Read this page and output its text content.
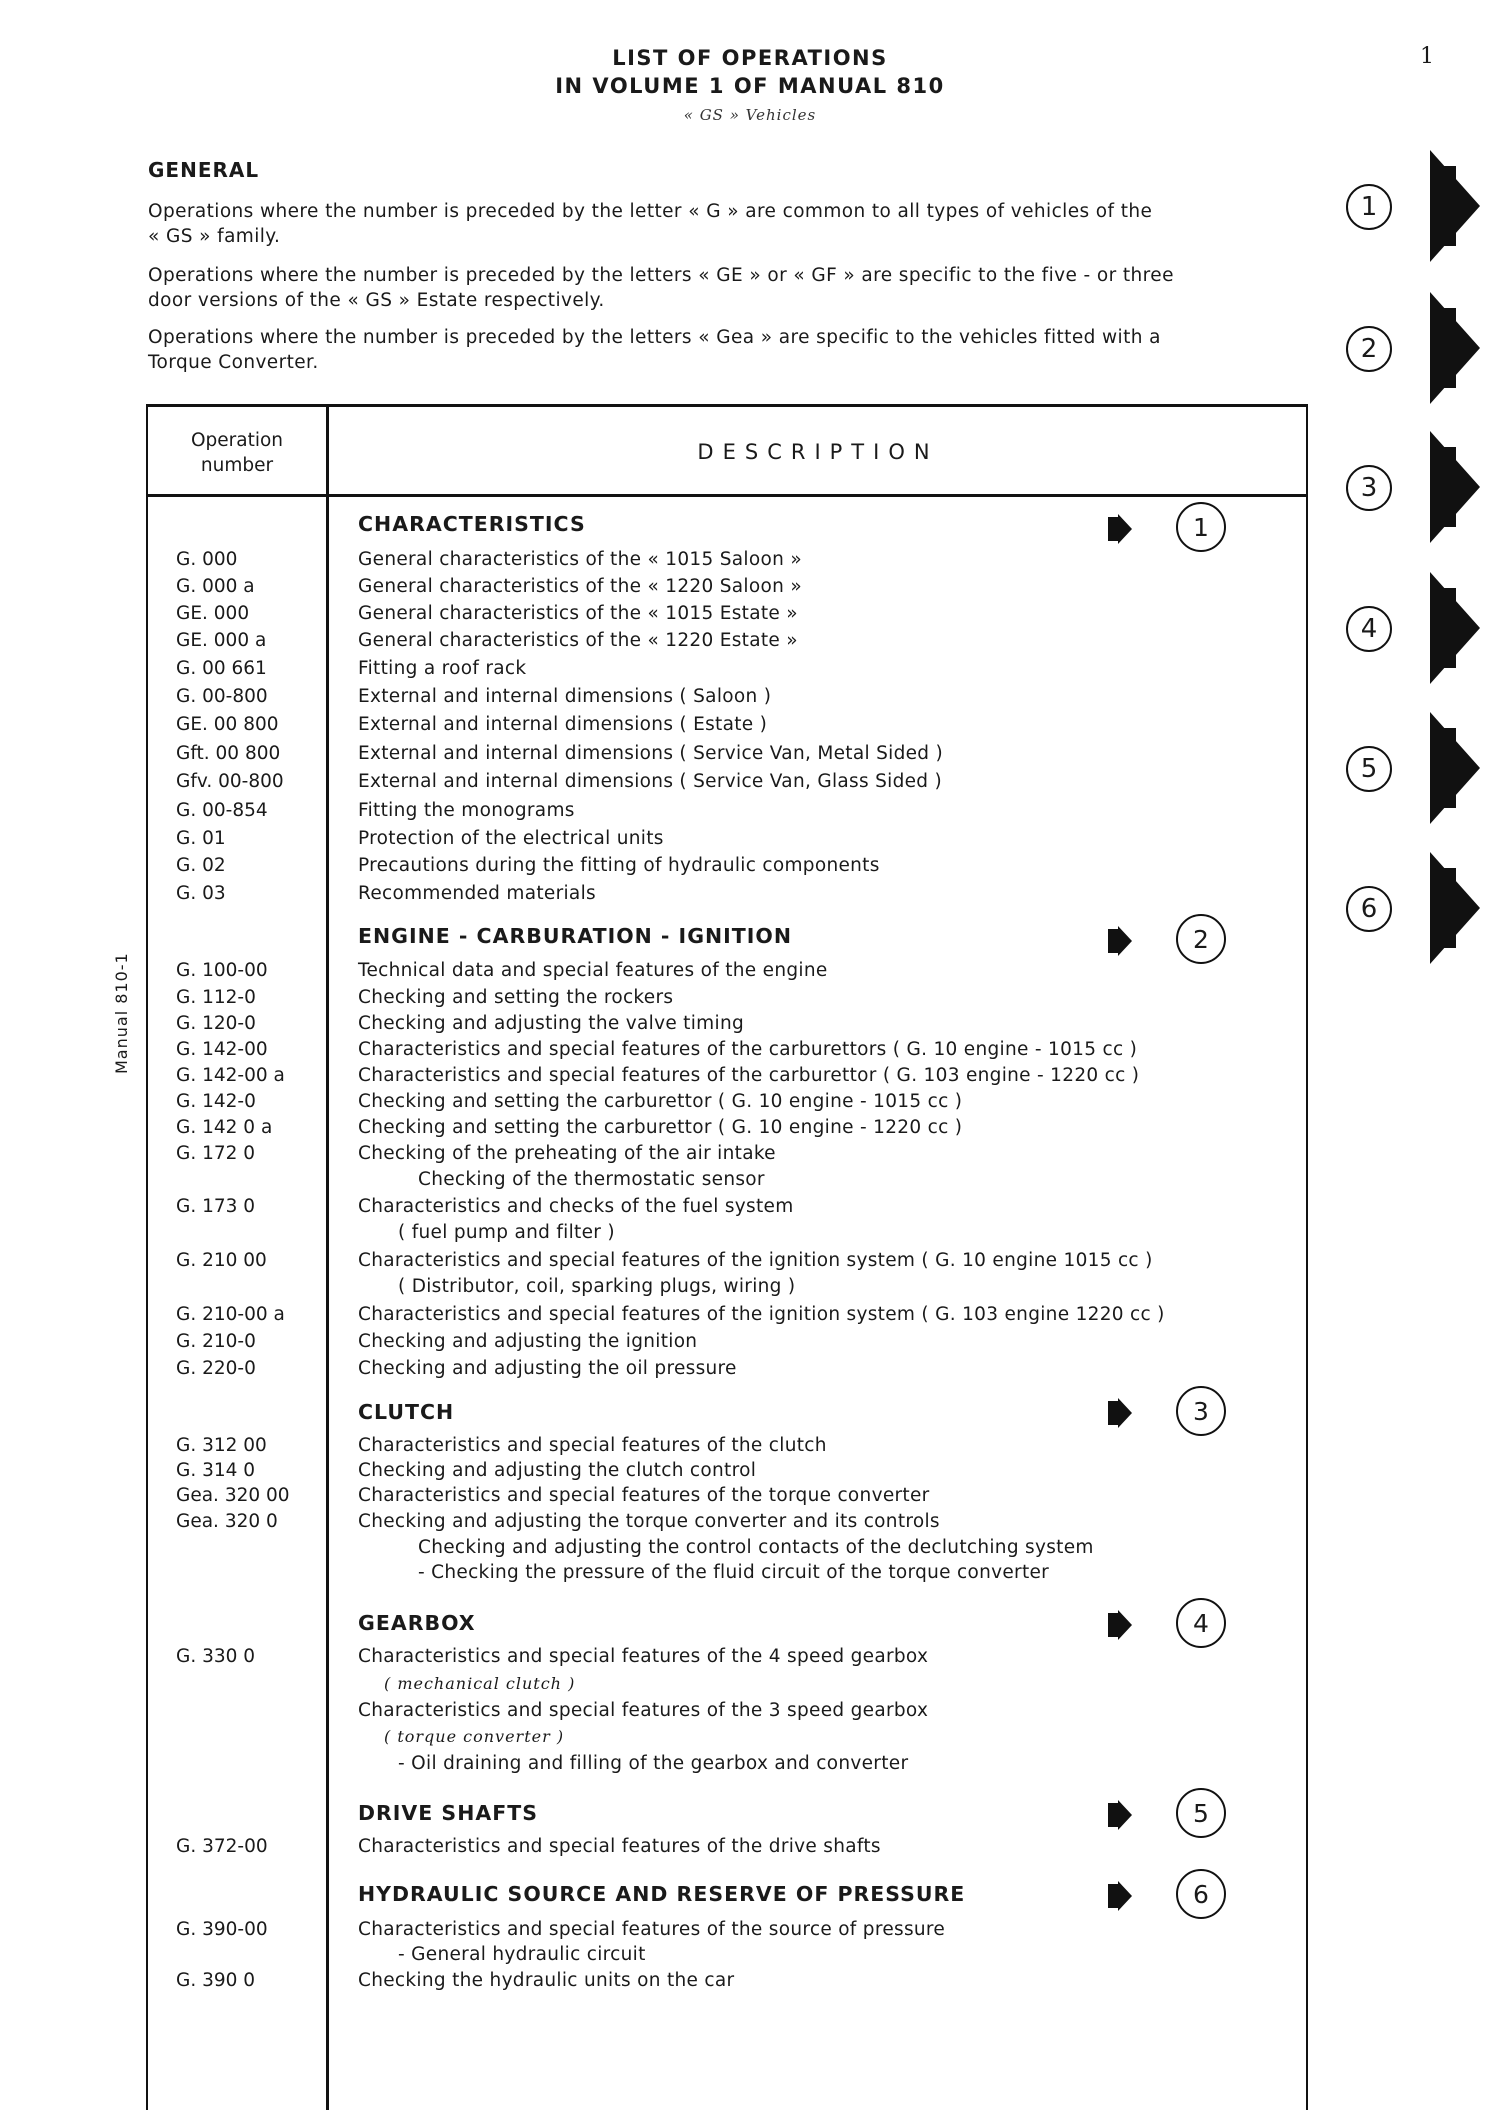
LIST OF OPERATIONS
IN VOLUME 1 OF MANUAL 810
« GS » Vehicles
1
Manual 810-1
GENERAL
Operations where the number is preceded by the letter « G » are common to all types of vehicles of the
« GS » family.
Operations where the number is preceded by the letters « GE » or « GF » are specific to the five - or three
door versions of the « GS » Estate respectively.
Operations where the number is preceded by the letters « Gea » are specific to the vehicles fitted with a
Torque Converter.
1
2
3
4
5
6
Operation
number
DESCRIPTION
CHARACTERISTICS	1
G. 000	General characteristics of the « 1015 Saloon »
G. 000 a	General characteristics of the « 1220 Saloon »
GE. 000	General characteristics of the « 1015 Estate »
GE. 000 a	General characteristics of the « 1220 Estate »
G. 00 661	Fitting a roof rack
G. 00-800	External and internal dimensions ( Saloon )
GE. 00 800	External and internal dimensions ( Estate )
Gft. 00 800	External and internal dimensions ( Service Van, Metal Sided )
Gfv. 00-800	External and internal dimensions ( Service Van, Glass Sided )
G. 00-854	Fitting the monograms
G. 01	Protection of the electrical units
G. 02	Precautions during the fitting of hydraulic components
G. 03	Recommended materials
ENGINE - CARBURATION - IGNITION	2
G. 100-00	Technical data and special features of the engine
G. 112-0	Checking and setting the rockers
G. 120-0	Checking and adjusting the valve timing
G. 142-00	Characteristics and special features of the carburettors ( G. 10 engine - 1015 cc )
G. 142-00 a	Characteristics and special features of the carburettor ( G. 103 engine - 1220 cc )
G. 142-0	Checking and setting the carburettor ( G. 10 engine - 1015 cc )
G. 142 0 a	Checking and setting the carburettor ( G. 10 engine - 1220 cc )
G. 172 0	Checking of the preheating of the air intake
Checking of the thermostatic sensor
G. 173 0	Characteristics and checks of the fuel system
( fuel pump and filter )
G. 210 00	Characteristics and special features of the ignition system ( G. 10 engine 1015 cc )
( Distributor, coil, sparking plugs, wiring )
G. 210-00 a	Characteristics and special features of the ignition system ( G. 103 engine 1220 cc )
G. 210-0	Checking and adjusting the ignition
G. 220-0	Checking and adjusting the oil pressure
CLUTCH	3
G. 312 00	Characteristics and special features of the clutch
G. 314 0	Checking and adjusting the clutch control
Gea. 320 00	Characteristics and special features of the torque converter
Gea. 320 0	Checking and adjusting the torque converter and its controls
Checking and adjusting the control contacts of the declutching system
- Checking the pressure of the fluid circuit of the torque converter
GEARBOX	4
G. 330 0	Characteristics and special features of the 4 speed gearbox
( mechanical clutch )
Characteristics and special features of the 3 speed gearbox
( torque converter )
- Oil draining and filling of the gearbox and converter
DRIVE SHAFTS	5
G. 372-00	Characteristics and special features of the drive shafts
HYDRAULIC SOURCE AND RESERVE OF PRESSURE	6
G. 390-00	Characteristics and special features of the source of pressure
- General hydraulic circuit
G. 390 0	Checking the hydraulic units on the car
